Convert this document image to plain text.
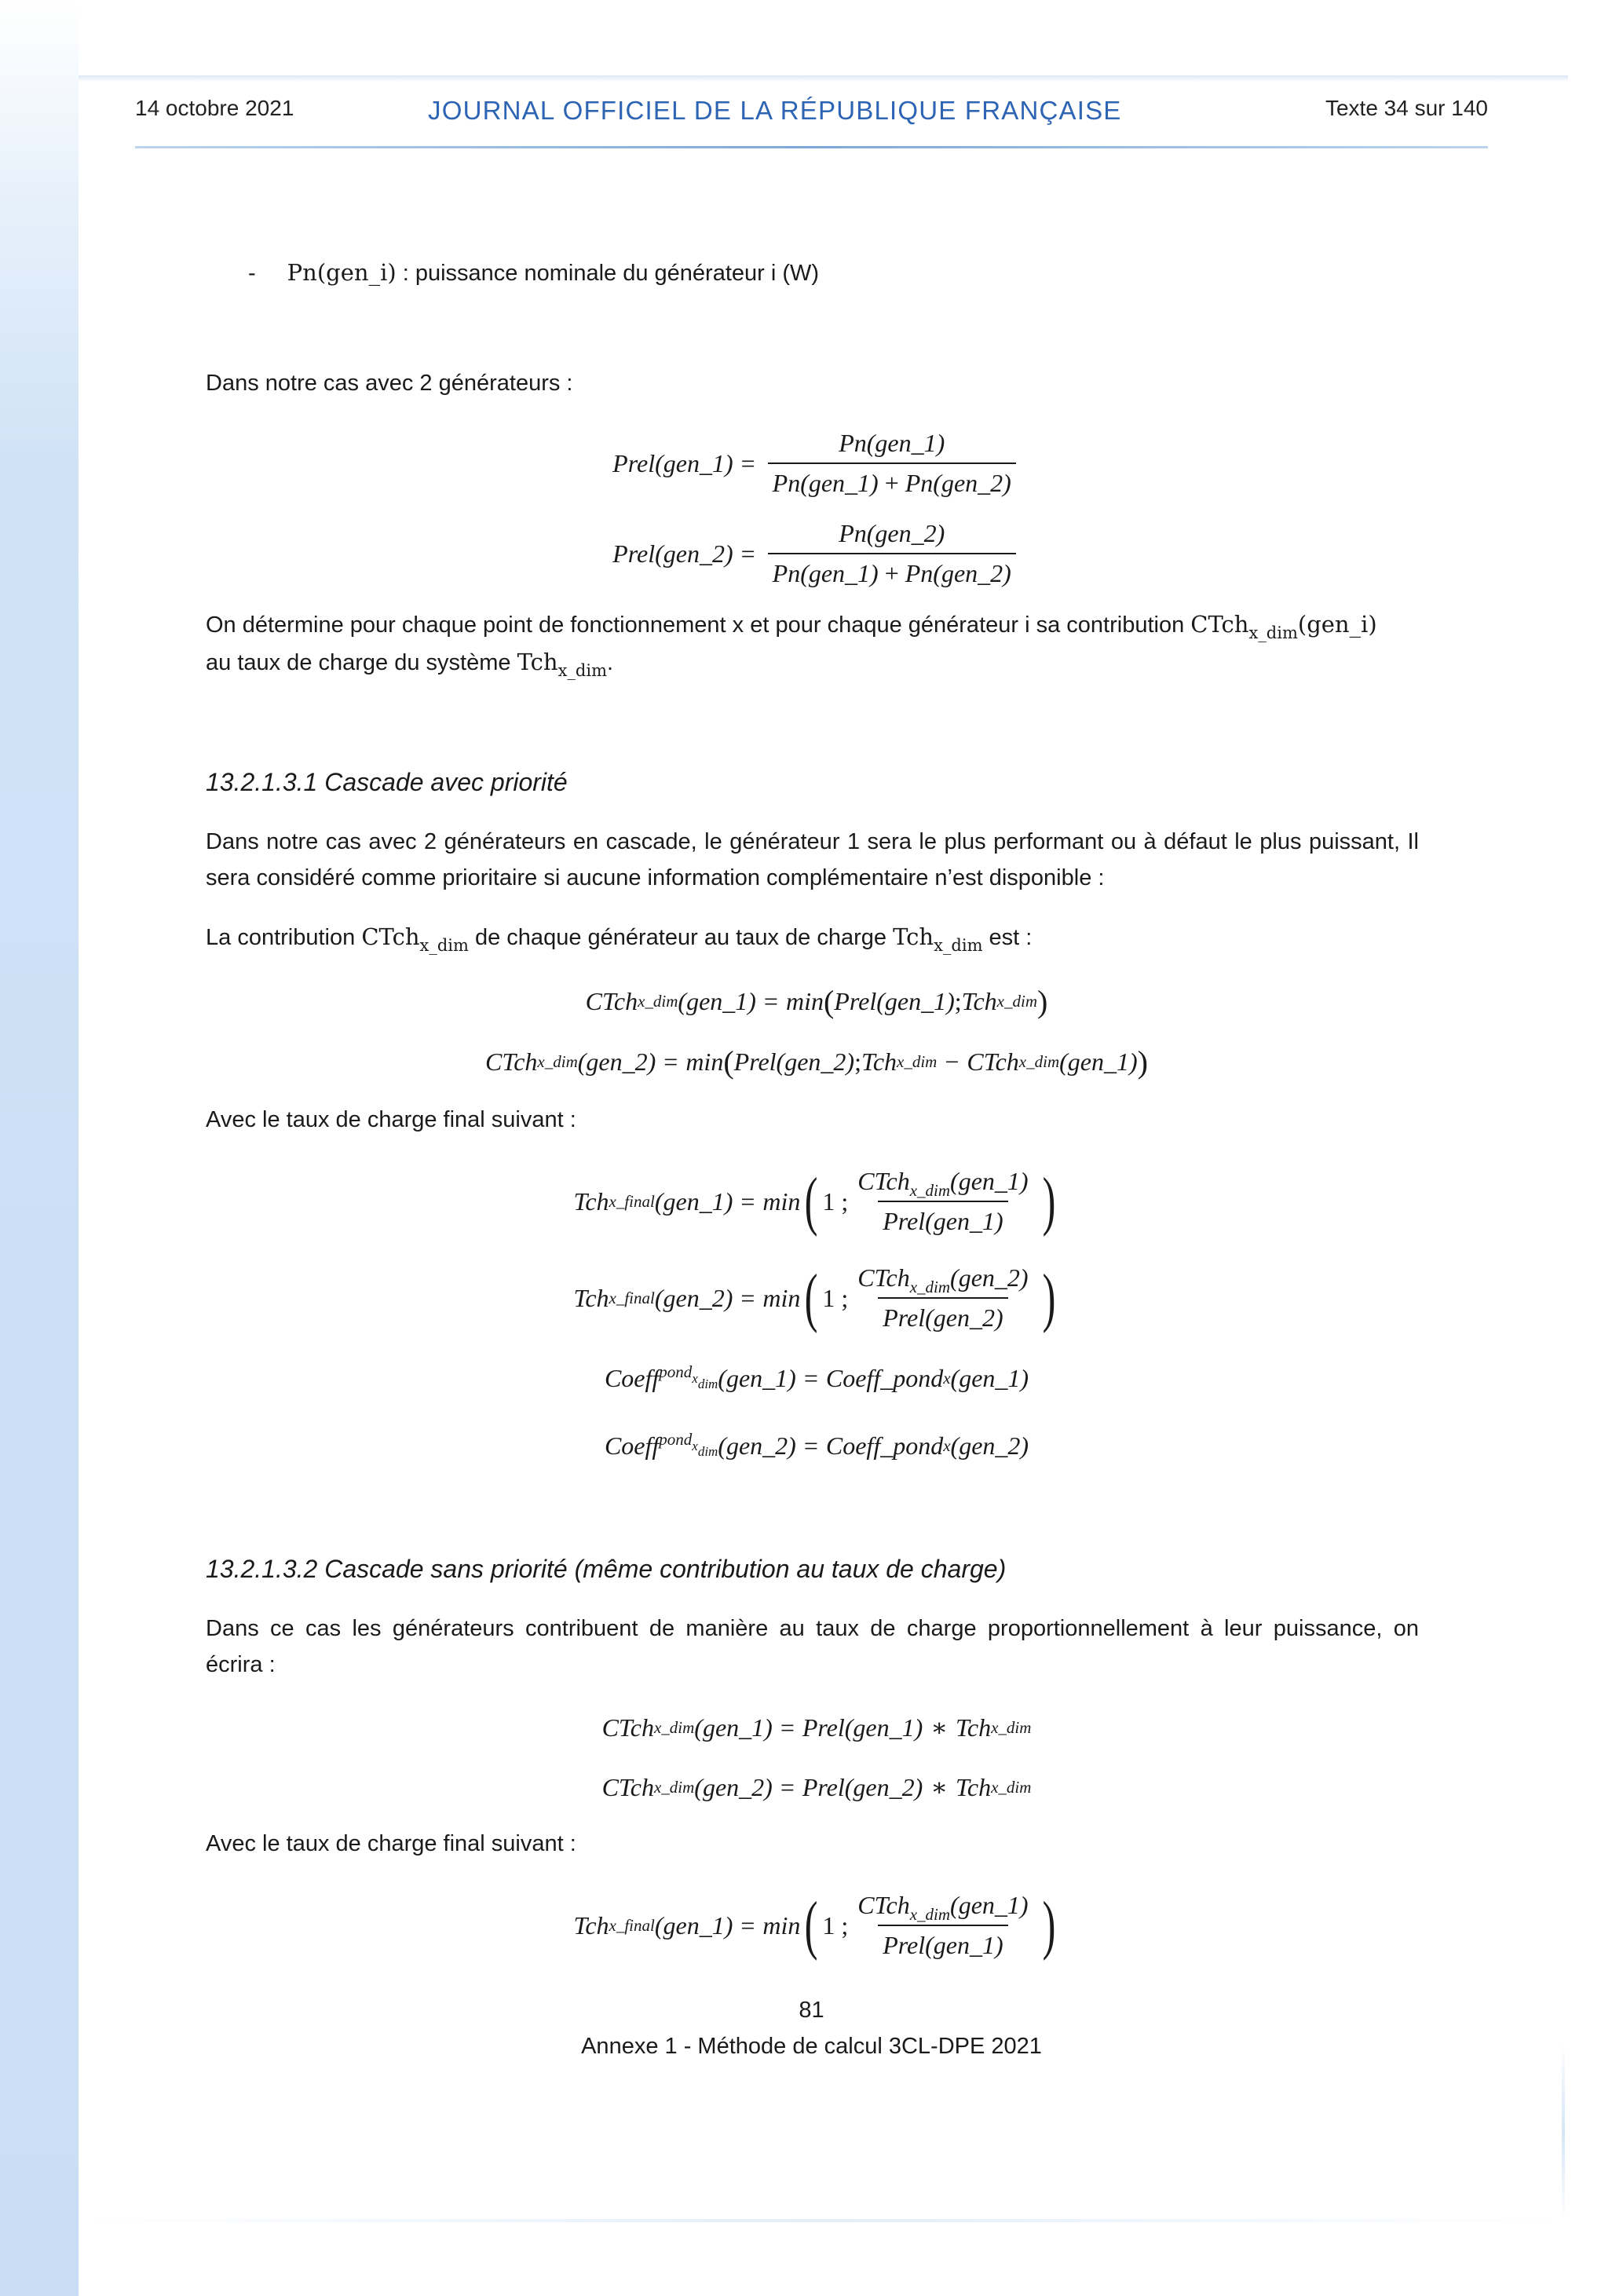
14 octobre 2021	JOURNAL OFFICIEL DE LA RÉPUBLIQUE FRANÇAISE	Texte 34 sur 140
- Pn(gen_i) : puissance nominale du générateur i (W)
Dans notre cas avec 2 générateurs :
Prel (gen_1) = $\frac{\text{Pn(gen\_1)}}{\text{Pn(gen\_1) + Pn(gen\_2)}}$
Prel (gen_2) = $\frac{\text{Pn(gen\_2)}}{\text{Pn(gen\_1) + Pn(gen\_2)}}$
On détermine pour chaque point de fonctionnement x et pour chaque générateur i sa contribution CTch$_{x\_dim}$(gen_i)
au taux de charge du système Tch$_{x\_dim}$.
13.2.1.3.1 Cascade avec priorité
Dans notre cas avec 2 générateurs en cascade, le générateur 1 sera le plus performant ou à défaut le plus puissant, Il
sera considéré comme prioritaire si aucune information complémentaire n’est disponible :
La contribution CTch$_{x\_dim}$ de chaque générateur au taux de charge Tch$_{x\_dim}$ est :
CTch x_dim (gen_1) = min ( Prel (gen_1) ; Tch x_dim )
CTch x_dim (gen_2) = min ( Prel (gen_2) ; Tch x_dim − CTch x_dim (gen_1) )
Avec le taux de charge final suivant :
Tch x_final (gen_1) = min ( 1 ; $\frac{CTch_{x\_dim}(gen\_1)}{\text{Prel(gen\_1)}}$ )
Tch x_final (gen_2) = min ( 1 ; $\frac{CTch_{x\_dim}(gen\_2)}{\text{Prel(gen\_2)}}$ )
Coeff pond$_{x_{dim}}$ (gen_1) = Coeff_pond x (gen_1)
Coeff pond$_{x_{dim}}$ (gen_2) = Coeff_pond x (gen_2)
13.2.1.3.2 Cascade sans priorité (même contribution au taux de charge)
Dans ce cas les générateurs contribuent de manière au taux de charge proportionnellement à leur puissance, on
écrira :
CTch x_dim (gen_1) = Prel (gen_1) ∗ Tch x_dim
CTch x_dim (gen_2) = Prel (gen_2) ∗ Tch x_dim
Avec le taux de charge final suivant :
Tch x_final (gen_1) = min ( 1 ; $\frac{CTch_{x\_dim}(gen\_1)}{\text{Prel(gen\_1)}}$ )
81
Annexe 1 - Méthode de calcul 3CL-DPE 2021
